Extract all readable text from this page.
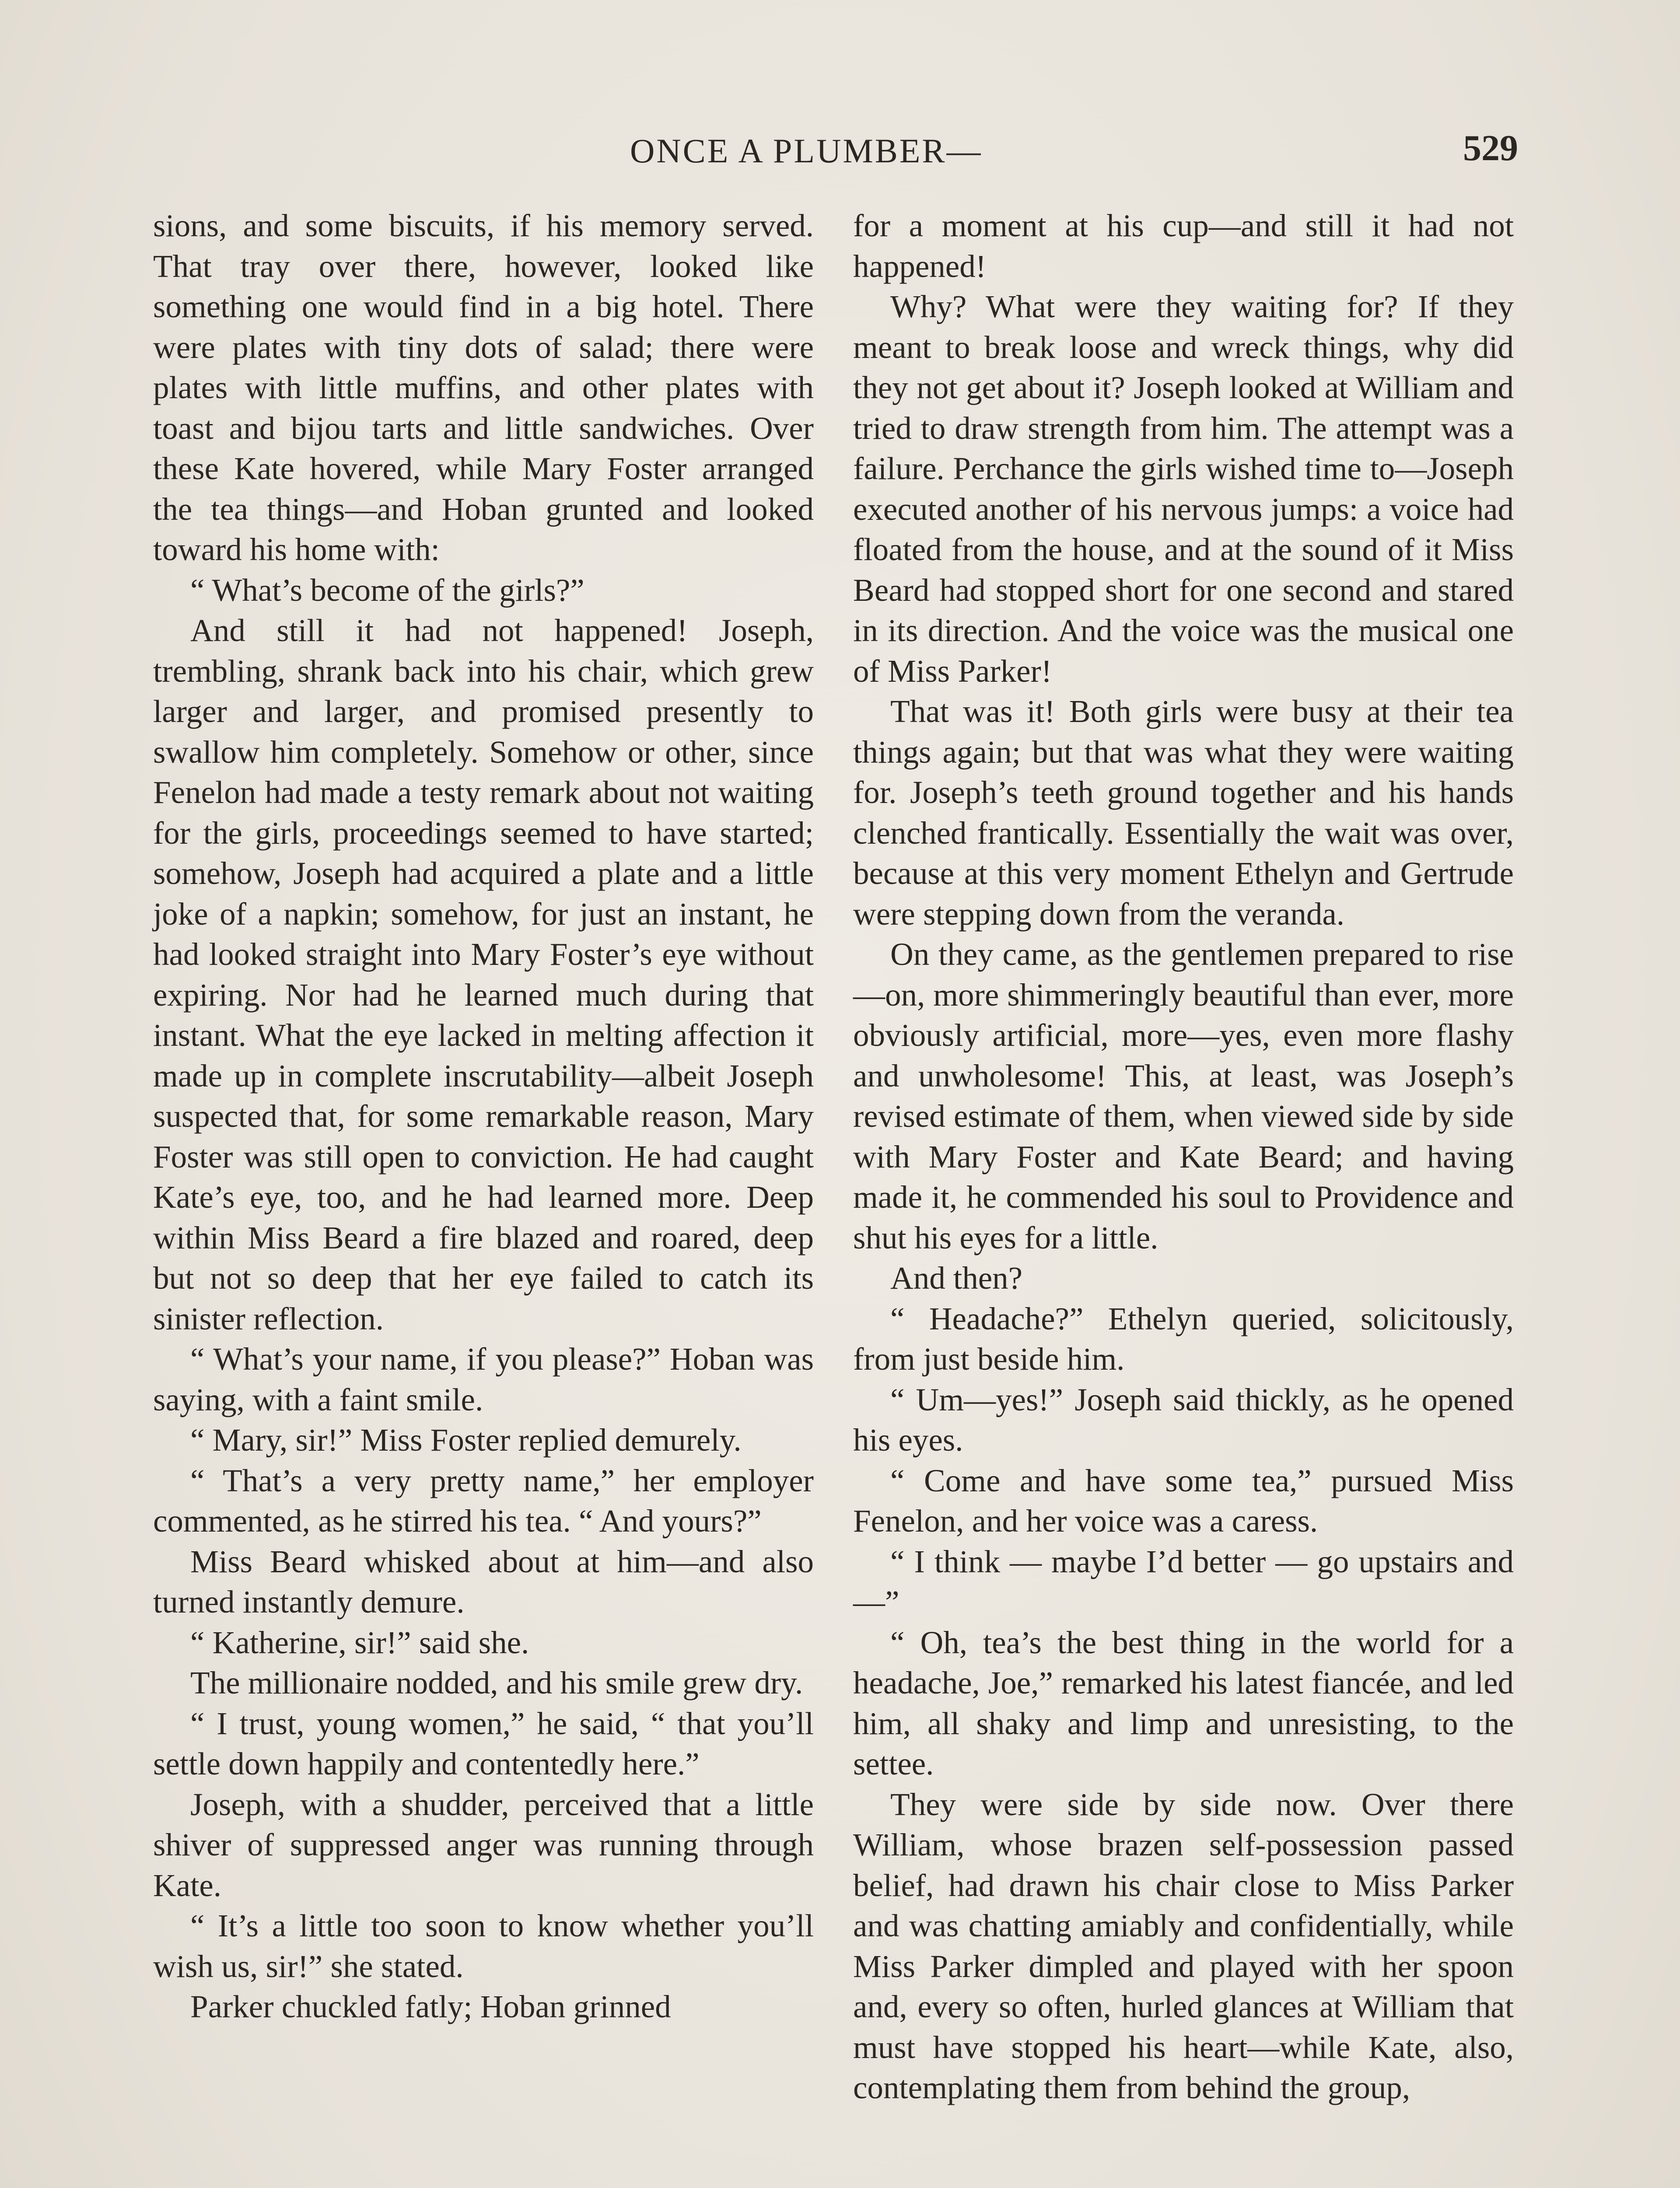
ONCE A PLUMBER—	529

sions, and some biscuits, if his memory served. That tray over there, however, looked like something one would find in a big hotel. There were plates with tiny dots of salad; there were plates with little muffins, and other plates with toast and bijou tarts and little sandwiches. Over these Kate hovered, while Mary Foster arranged the tea things—and Hoban grunted and looked toward his home with:

“ What’s become of the girls?”

And still it had not happened! Joseph, trembling, shrank back into his chair, which grew larger and larger, and promised presently to swallow him completely. Somehow or other, since Fenelon had made a testy remark about not waiting for the girls, proceedings seemed to have started; somehow, Joseph had acquired a plate and a little joke of a napkin; somehow, for just an instant, he had looked straight into Mary Foster’s eye without expiring. Nor had he learned much during that instant. What the eye lacked in melting affection it made up in complete inscrutability—albeit Joseph suspected that, for some remarkable reason, Mary Foster was still open to conviction. He had caught Kate’s eye, too, and he had learned more. Deep within Miss Beard a fire blazed and roared, deep but not so deep that her eye failed to catch its sinister reflection.

“ What’s your name, if you please?” Hoban was saying, with a faint smile.

“ Mary, sir!” Miss Foster replied demurely.

“ That’s a very pretty name,” her employer commented, as he stirred his tea. “ And yours?”

Miss Beard whisked about at him—and also turned instantly demure.

“ Katherine, sir!” said she.

The millionaire nodded, and his smile grew dry.

“ I trust, young women,” he said, “ that you’ll settle down happily and contentedly here.”

Joseph, with a shudder, perceived that a little shiver of suppressed anger was running through Kate.

“ It’s a little too soon to know whether you’ll wish us, sir!” she stated.

Parker chuckled fatly; Hoban grinned

for a moment at his cup—and still it had not happened!

Why? What were they waiting for? If they meant to break loose and wreck things, why did they not get about it? Joseph looked at William and tried to draw strength from him. The attempt was a failure. Perchance the girls wished time to—Joseph executed another of his nervous jumps: a voice had floated from the house, and at the sound of it Miss Beard had stopped short for one second and stared in its direction. And the voice was the musical one of Miss Parker!

That was it! Both girls were busy at their tea things again; but that was what they were waiting for. Joseph’s teeth ground together and his hands clenched frantically. Essentially the wait was over, because at this very moment Ethelyn and Gertrude were stepping down from the veranda.

On they came, as the gentlemen prepared to rise—on, more shimmeringly beautiful than ever, more obviously artificial, more—yes, even more flashy and unwholesome! This, at least, was Joseph’s revised estimate of them, when viewed side by side with Mary Foster and Kate Beard; and having made it, he commended his soul to Providence and shut his eyes for a little.

And then?

“ Headache?” Ethelyn queried, solicitously, from just beside him.

“ Um—yes!” Joseph said thickly, as he opened his eyes.

“ Come and have some tea,” pursued Miss Fenelon, and her voice was a caress.

“ I think — maybe I’d better — go upstairs and—”

“ Oh, tea’s the best thing in the world for a headache, Joe,” remarked his latest fiancée, and led him, all shaky and limp and unresisting, to the settee.

They were side by side now. Over there William, whose brazen self-possession passed belief, had drawn his chair close to Miss Parker and was chatting amiably and confidentially, while Miss Parker dimpled and played with her spoon and, every so often, hurled glances at William that must have stopped his heart—while Kate, also, contemplating them from behind the group,
